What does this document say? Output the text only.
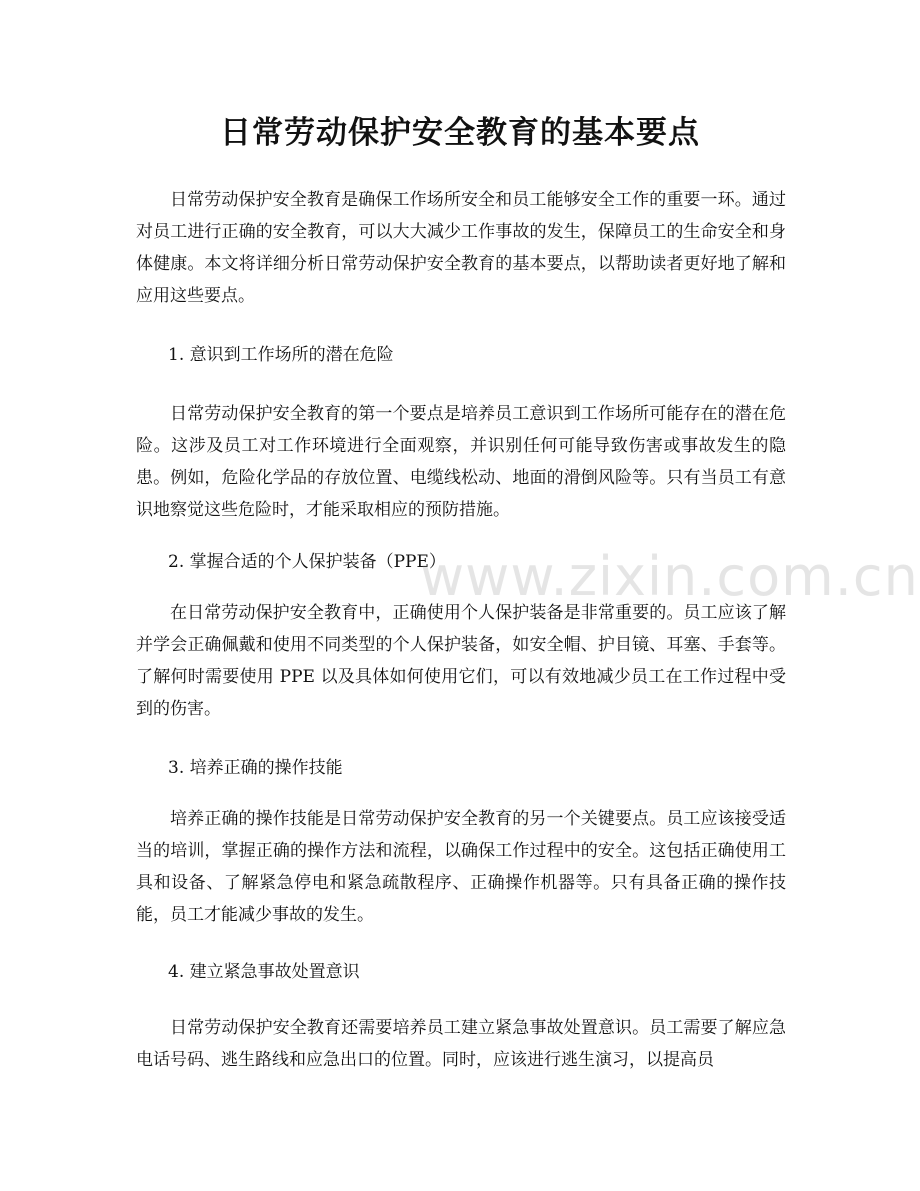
日常劳动保护安全教育的基本要点

日常劳动保护安全教育是确保工作场所安全和员工能够安全工作的重要一环。通过对员工进行正确的安全教育，可以大大减少工作事故的发生，保障员工的生命安全和身体健康。本文将详细分析日常劳动保护安全教育的基本要点，以帮助读者更好地了解和应用这些要点。

1. 意识到工作场所的潜在危险

日常劳动保护安全教育的第一个要点是培养员工意识到工作场所可能存在的潜在危险。这涉及员工对工作环境进行全面观察，并识别任何可能导致伤害或事故发生的隐患。例如，危险化学品的存放位置、电缆线松动、地面的滑倒风险等。只有当员工有意识地察觉这些危险时，才能采取相应的预防措施。

2. 掌握合适的个人保护装备（PPE）

在日常劳动保护安全教育中，正确使用个人保护装备是非常重要的。员工应该了解并学会正确佩戴和使用不同类型的个人保护装备，如安全帽、护目镜、耳塞、手套等。了解何时需要使用 PPE 以及具体如何使用它们，可以有效地减少员工在工作过程中受到的伤害。

3. 培养正确的操作技能

培养正确的操作技能是日常劳动保护安全教育的另一个关键要点。员工应该接受适当的培训，掌握正确的操作方法和流程，以确保工作过程中的安全。这包括正确使用工具和设备、了解紧急停电和紧急疏散程序、正确操作机器等。只有具备正确的操作技能，员工才能减少事故的发生。

4. 建立紧急事故处置意识

日常劳动保护安全教育还需要培养员工建立紧急事故处置意识。员工需要了解应急电话号码、逃生路线和应急出口的位置。同时，应该进行逃生演习，以提高员

www.zixin.com.cn
